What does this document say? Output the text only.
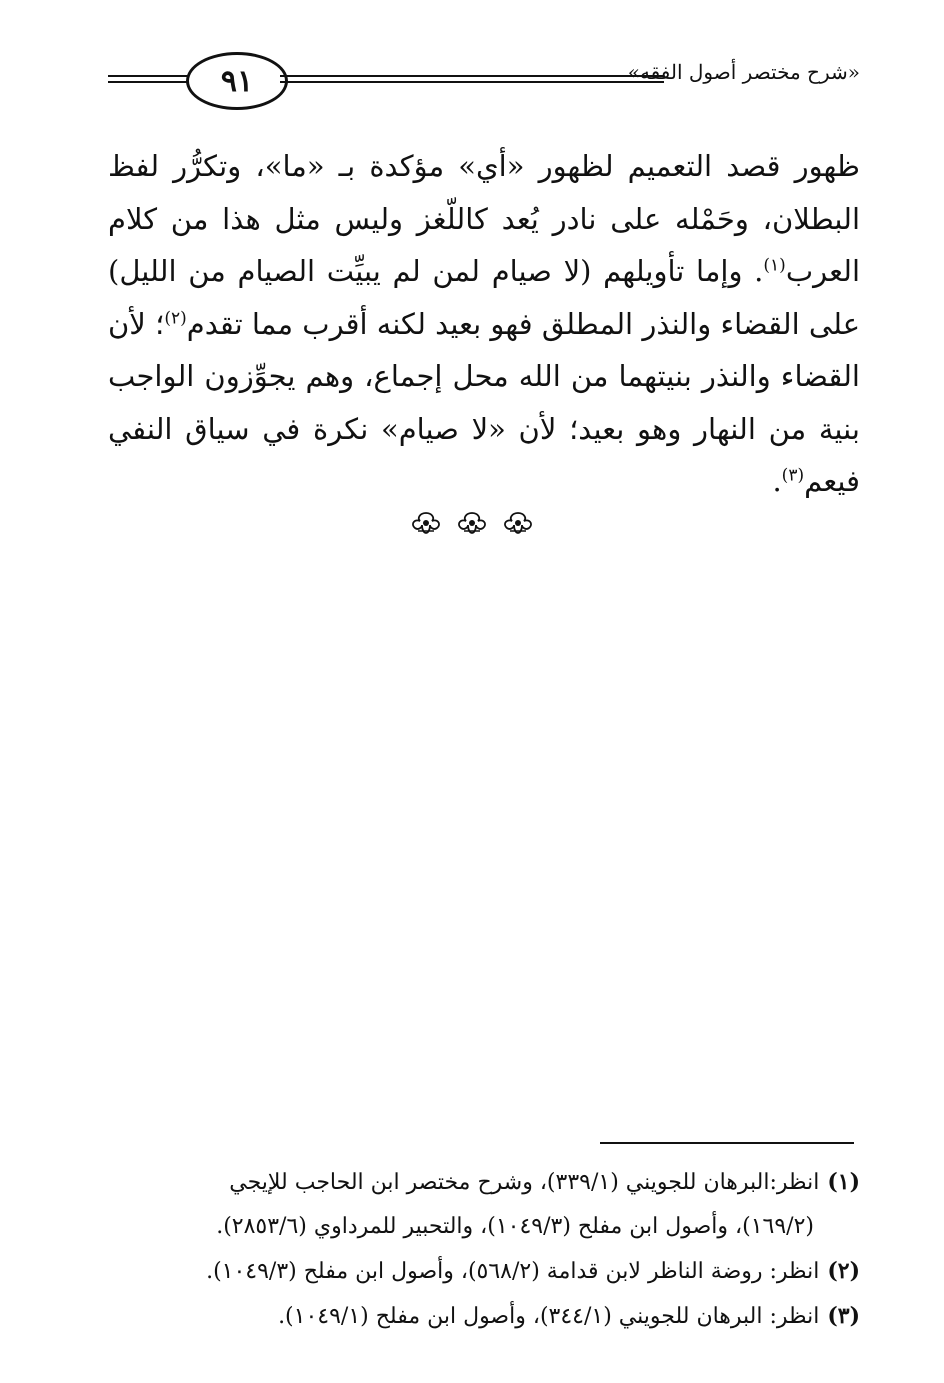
٩١	«شرح مختصر أصول الفقه»
ظهور قصد التعميم لظهور «أي» مؤكدة بـ «ما»، وتكرُّر لفظ
البطلان، وحَمْله على نادر يُعد كاللّغز وليس مثل هذا من كلام
العرب$^{(١)}$. وإما تأويلهم (لا صيام لمن لم يبيِّت الصيام من الليل)
على القضاء والنذر المطلق فهو بعيد لكنه أقرب مما تقدم$^{(٢)}$؛ لأن
القضاء والنذر بنيتهما من الله محل إجماع، وهم يجوِّزون الواجب
بنية من النهار وهو بعيد؛ لأن «لا صيام» نكرة في سياق النفي
فيعم$^{(٣)}$.
(١)انظر:البرهان للجويني (٣٣٩/١)، وشرح مختصر ابن الحاجب للإيجي
(١٦٩/٢)، وأصول ابن مفلح (١٠٤٩/٣)، والتحبير للمرداوي (٢٨٥٣/٦).
(٢)انظر: روضة الناظر لابن قدامة (٥٦٨/٢)، وأصول ابن مفلح (١٠٤٩/٣).
(٣)انظر: البرهان للجويني (٣٤٤/١)، وأصول ابن مفلح (١٠٤٩/١).
